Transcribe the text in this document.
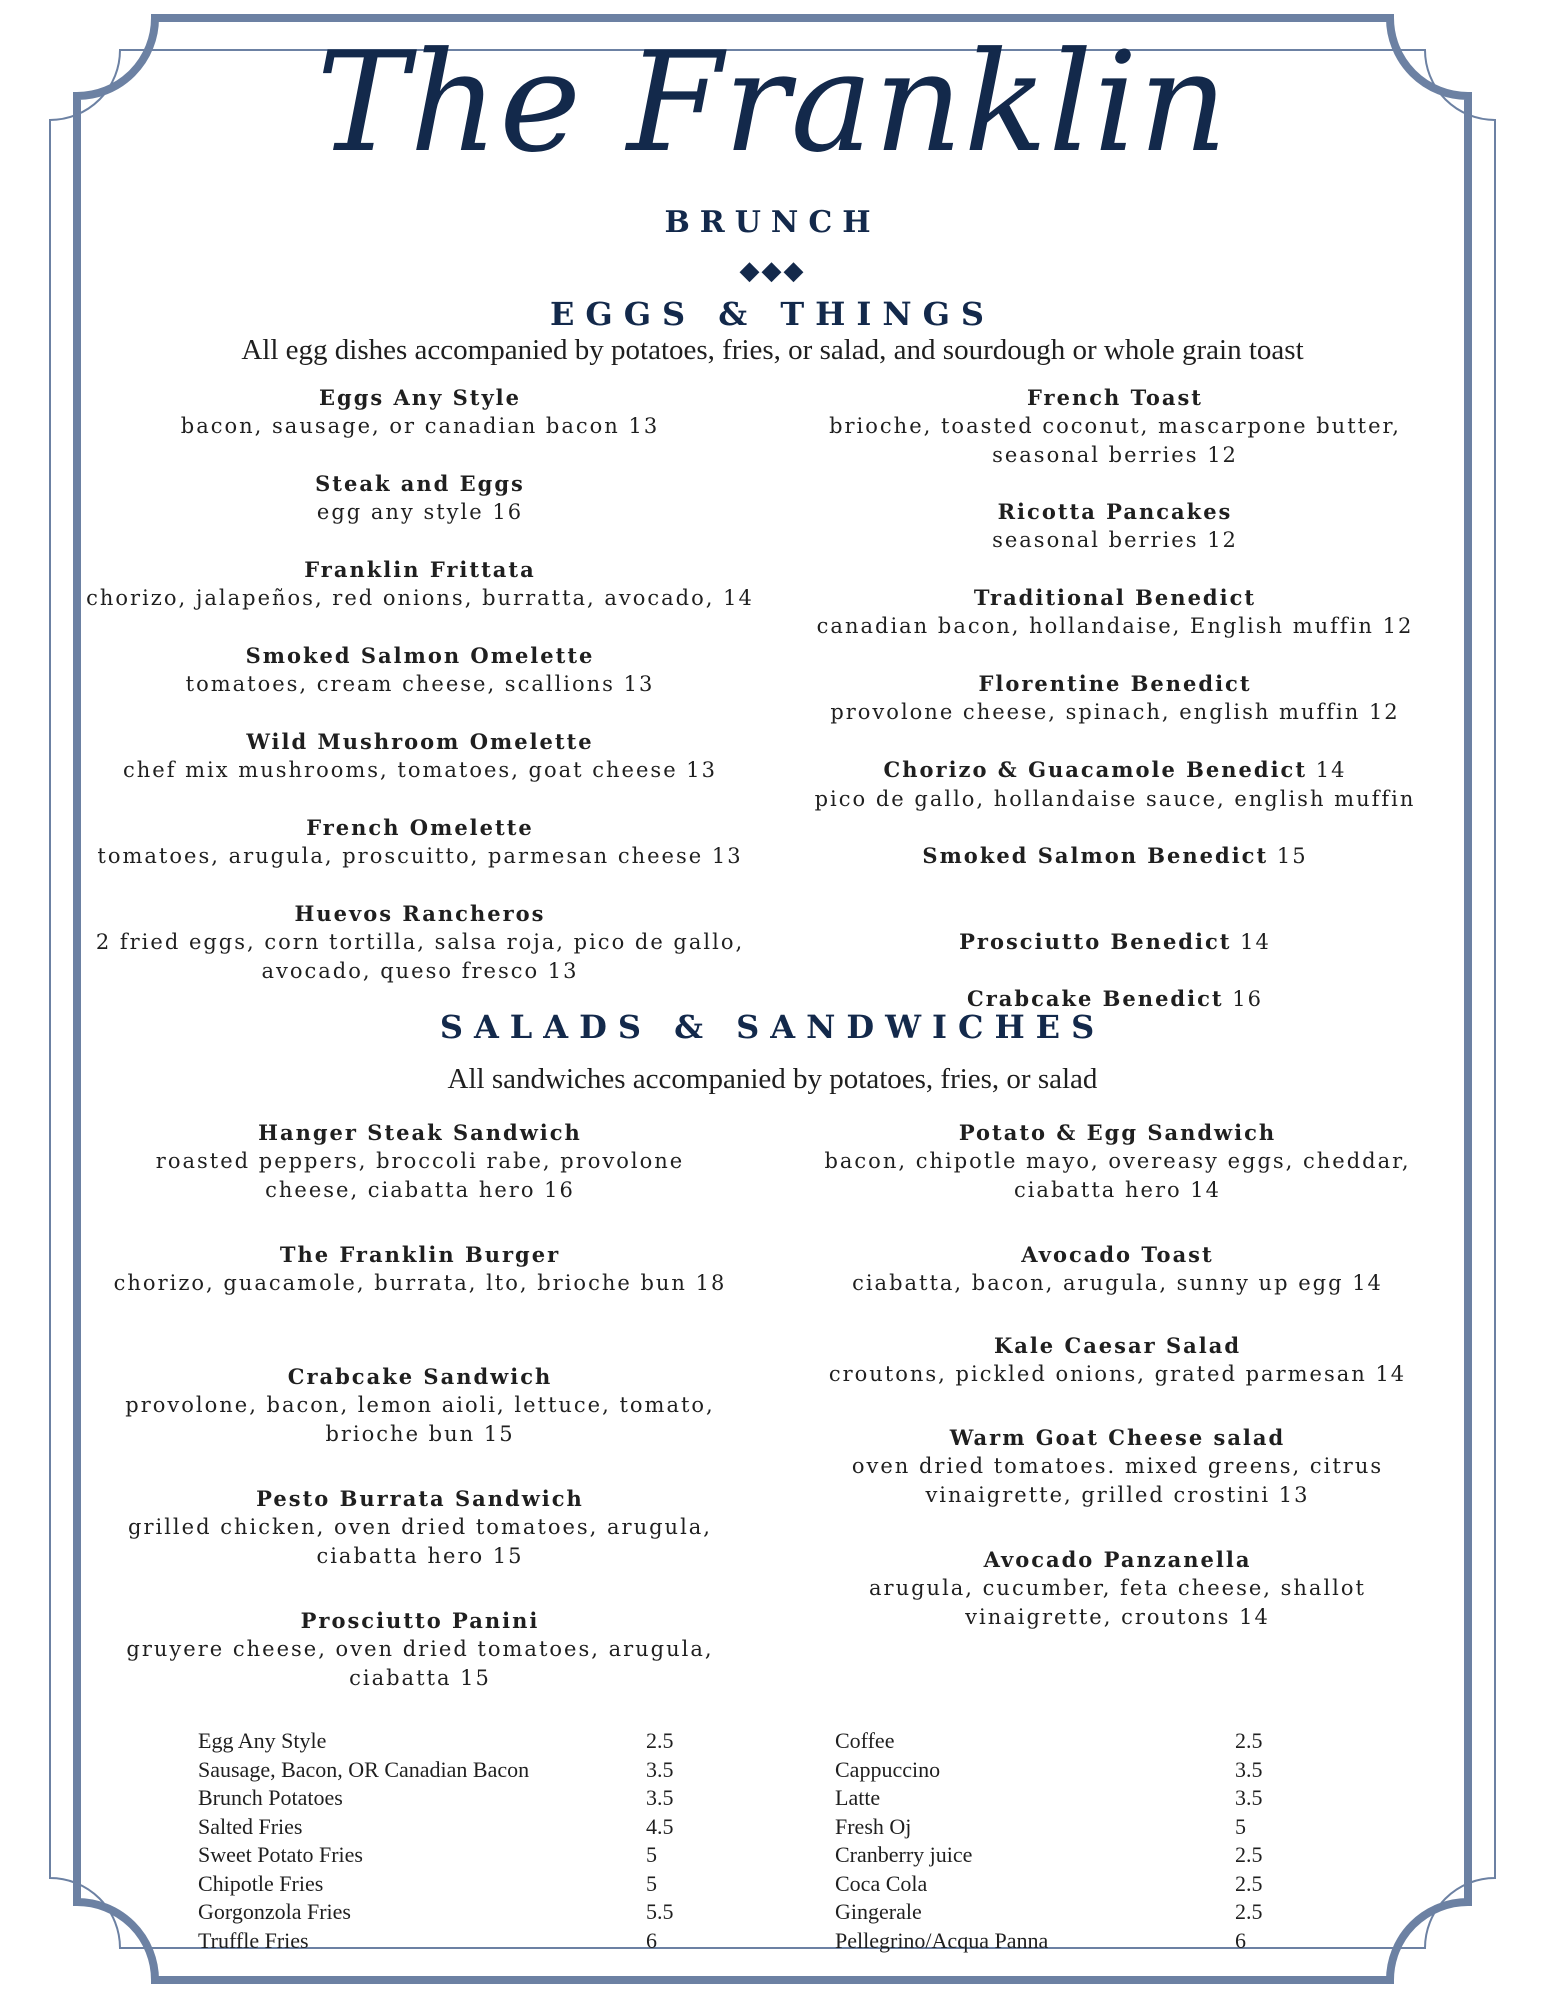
The Franklin
BRUNCH
◆◆◆
EGGS & THINGS
All egg dishes accompanied by potatoes, fries, or salad, and sourdough or whole grain toast
Eggs Any Style
bacon, sausage, or canadian bacon 13
Steak and Eggs
egg any style 16
Franklin Frittata
chorizo, jalapeños, red onions, burratta, avocado, 14
Smoked Salmon Omelette
tomatoes, cream cheese, scallions 13
Wild Mushroom Omelette
chef mix mushrooms, tomatoes, goat cheese 13
French Omelette
tomatoes, arugula, proscuitto, parmesan cheese 13
Huevos Rancheros
2 fried eggs, corn tortilla, salsa roja, pico de gallo, avocado, queso fresco 13
French Toast
brioche, toasted coconut, mascarpone butter, seasonal berries 12
Ricotta Pancakes
seasonal berries 12
Traditional Benedict
canadian bacon, hollandaise, English muffin 12
Florentine Benedict
provolone cheese, spinach, english muffin 12
Chorizo & Guacamole Benedict 14
pico de gallo, hollandaise sauce, english muffin
Smoked Salmon Benedict 15
Prosciutto Benedict 14
Crabcake Benedict 16
SALADS & SANDWICHES
All sandwiches accompanied by potatoes, fries, or salad
Hanger Steak Sandwich
roasted peppers, broccoli rabe, provolone cheese, ciabatta hero 16
The Franklin Burger
chorizo, guacamole, burrata, lto, brioche bun 18
Crabcake Sandwich
provolone, bacon, lemon aioli, lettuce, tomato, brioche bun 15
Pesto Burrata Sandwich
grilled chicken, oven dried tomatoes, arugula, ciabatta hero 15
Prosciutto Panini
gruyere cheese, oven dried tomatoes, arugula, ciabatta 15
Potato & Egg Sandwich
bacon, chipotle mayo, overeasy eggs, cheddar, ciabatta hero 14
Avocado Toast
ciabatta, bacon, arugula, sunny up egg 14
Kale Caesar Salad
croutons, pickled onions, grated parmesan 14
Warm Goat Cheese salad
oven dried tomatoes. mixed greens, citrus vinaigrette, grilled crostini 13
Avocado Panzanella
arugula, cucumber, feta cheese, shallot vinaigrette, croutons 14
Egg Any Style	2.5
Sausage, Bacon, OR Canadian Bacon	3.5
Brunch Potatoes	3.5
Salted Fries	4.5
Sweet Potato Fries	5
Chipotle Fries	5
Gorgonzola Fries	5.5
Truffle Fries	6
Coffee	2.5
Cappuccino	3.5
Latte	3.5
Fresh Oj	5
Cranberry juice	2.5
Coca Cola	2.5
Gingerale	2.5
Pellegrino/Acqua Panna	6
